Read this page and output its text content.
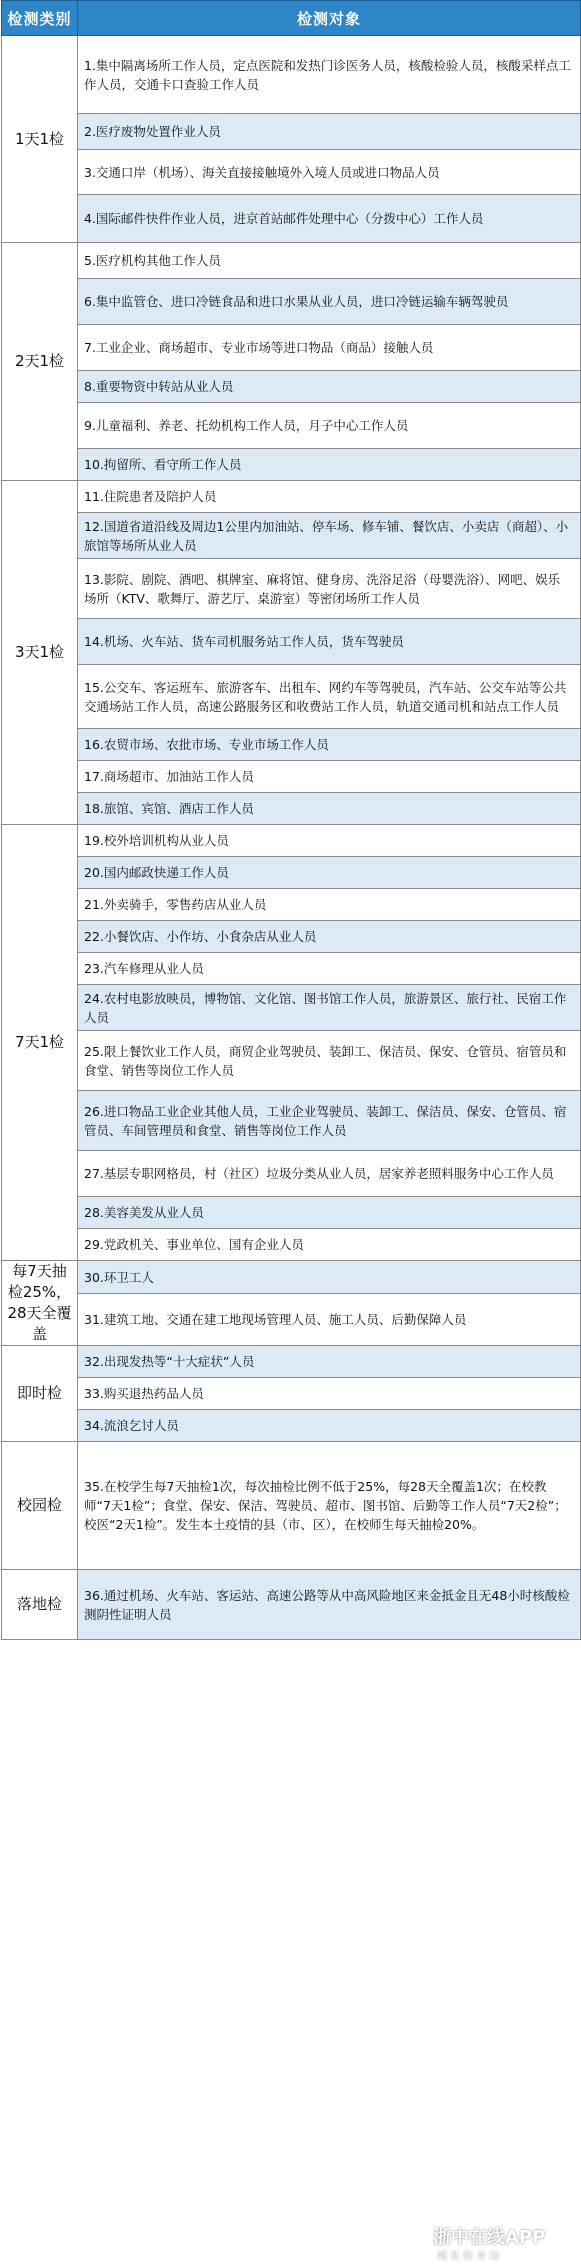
检测类别	检测对象
1天1检	1.集中隔离场所工作人员，定点医院和发热门诊医务人员，核酸检验人员，核酸采样点工作人员，交通卡口查验工作人员
	2.医疗废物处置作业人员
	3.交通口岸（机场）、海关直接接触境外入境人员或进口物品人员
	4.国际邮件快件作业人员，进京首站邮件处理中心（分拨中心）工作人员
2天1检	5.医疗机构其他工作人员
	6.集中监管仓、进口冷链食品和进口水果从业人员，进口冷链运输车辆驾驶员
	7.工业企业、商场超市、专业市场等进口物品（商品）接触人员
	8.重要物资中转站从业人员
	9.儿童福利、养老、托幼机构工作人员，月子中心工作人员
	10.拘留所、看守所工作人员
3天1检	11.住院患者及陪护人员
	12.国道省道沿线及周边1公里内加油站、停车场、修车铺、餐饮店、小卖店（商超）、小旅馆等场所从业人员
	13.影院、剧院、酒吧、棋牌室、麻将馆、健身房、洗浴足浴（母婴洗浴）、网吧、娱乐场所（KTV、歌舞厅、游艺厅、桌游室）等密闭场所工作人员
	14.机场、火车站、货车司机服务站工作人员，货车驾驶员
	15.公交车、客运班车、旅游客车、出租车、网约车等驾驶员，汽车站、公交车站等公共交通场站工作人员，高速公路服务区和收费站工作人员，轨道交通司机和站点工作人员
	16.农贸市场、农批市场、专业市场工作人员
	17.商场超市、加油站工作人员
	18.旅馆、宾馆、酒店工作人员
7天1检	19.校外培训机构从业人员
	20.国内邮政快递工作人员
	21.外卖骑手，零售药店从业人员
	22.小餐饮店、小作坊、小食杂店从业人员
	23.汽车修理从业人员
	24.农村电影放映员，博物馆、文化馆、图书馆工作人员，旅游景区、旅行社、民宿工作人员
	25.限上餐饮业工作人员，商贸企业驾驶员、装卸工、保洁员、保安、仓管员、宿管员和食堂、销售等岗位工作人员
	26.进口物品工业企业其他人员，工业企业驾驶员、装卸工、保洁员、保安、仓管员、宿管员、车间管理员和食堂、销售等岗位工作人员
	27.基层专职网格员，村（社区）垃圾分类从业人员，居家养老照料服务中心工作人员
	28.美容美发从业人员
	29.党政机关、事业单位、国有企业人员
每7天抽检25%，28天全覆盖	30.环卫工人
	31.建筑工地、交通在建工地现场管理人员、施工人员、后勤保障人员
即时检	32.出现发热等“十大症状”人员
	33.购买退热药品人员
	34.流浪乞讨人员
校园检	35.在校学生每7天抽检1次，每次抽检比例不低于25%，每28天全覆盖1次；在校教师“7天1检”；食堂、保安、保洁、驾驶员、超市、图书馆、后勤等工作人员“7天2检”；校医“2天1检”。发生本土疫情的县（市、区），在校师生每天抽检20%。
落地检	36.通过机场、火车站、客运站、高速公路等从中高风险地区来金抵金且无48小时核酸检测阴性证明人员
浙中在线APP
城在你身边
